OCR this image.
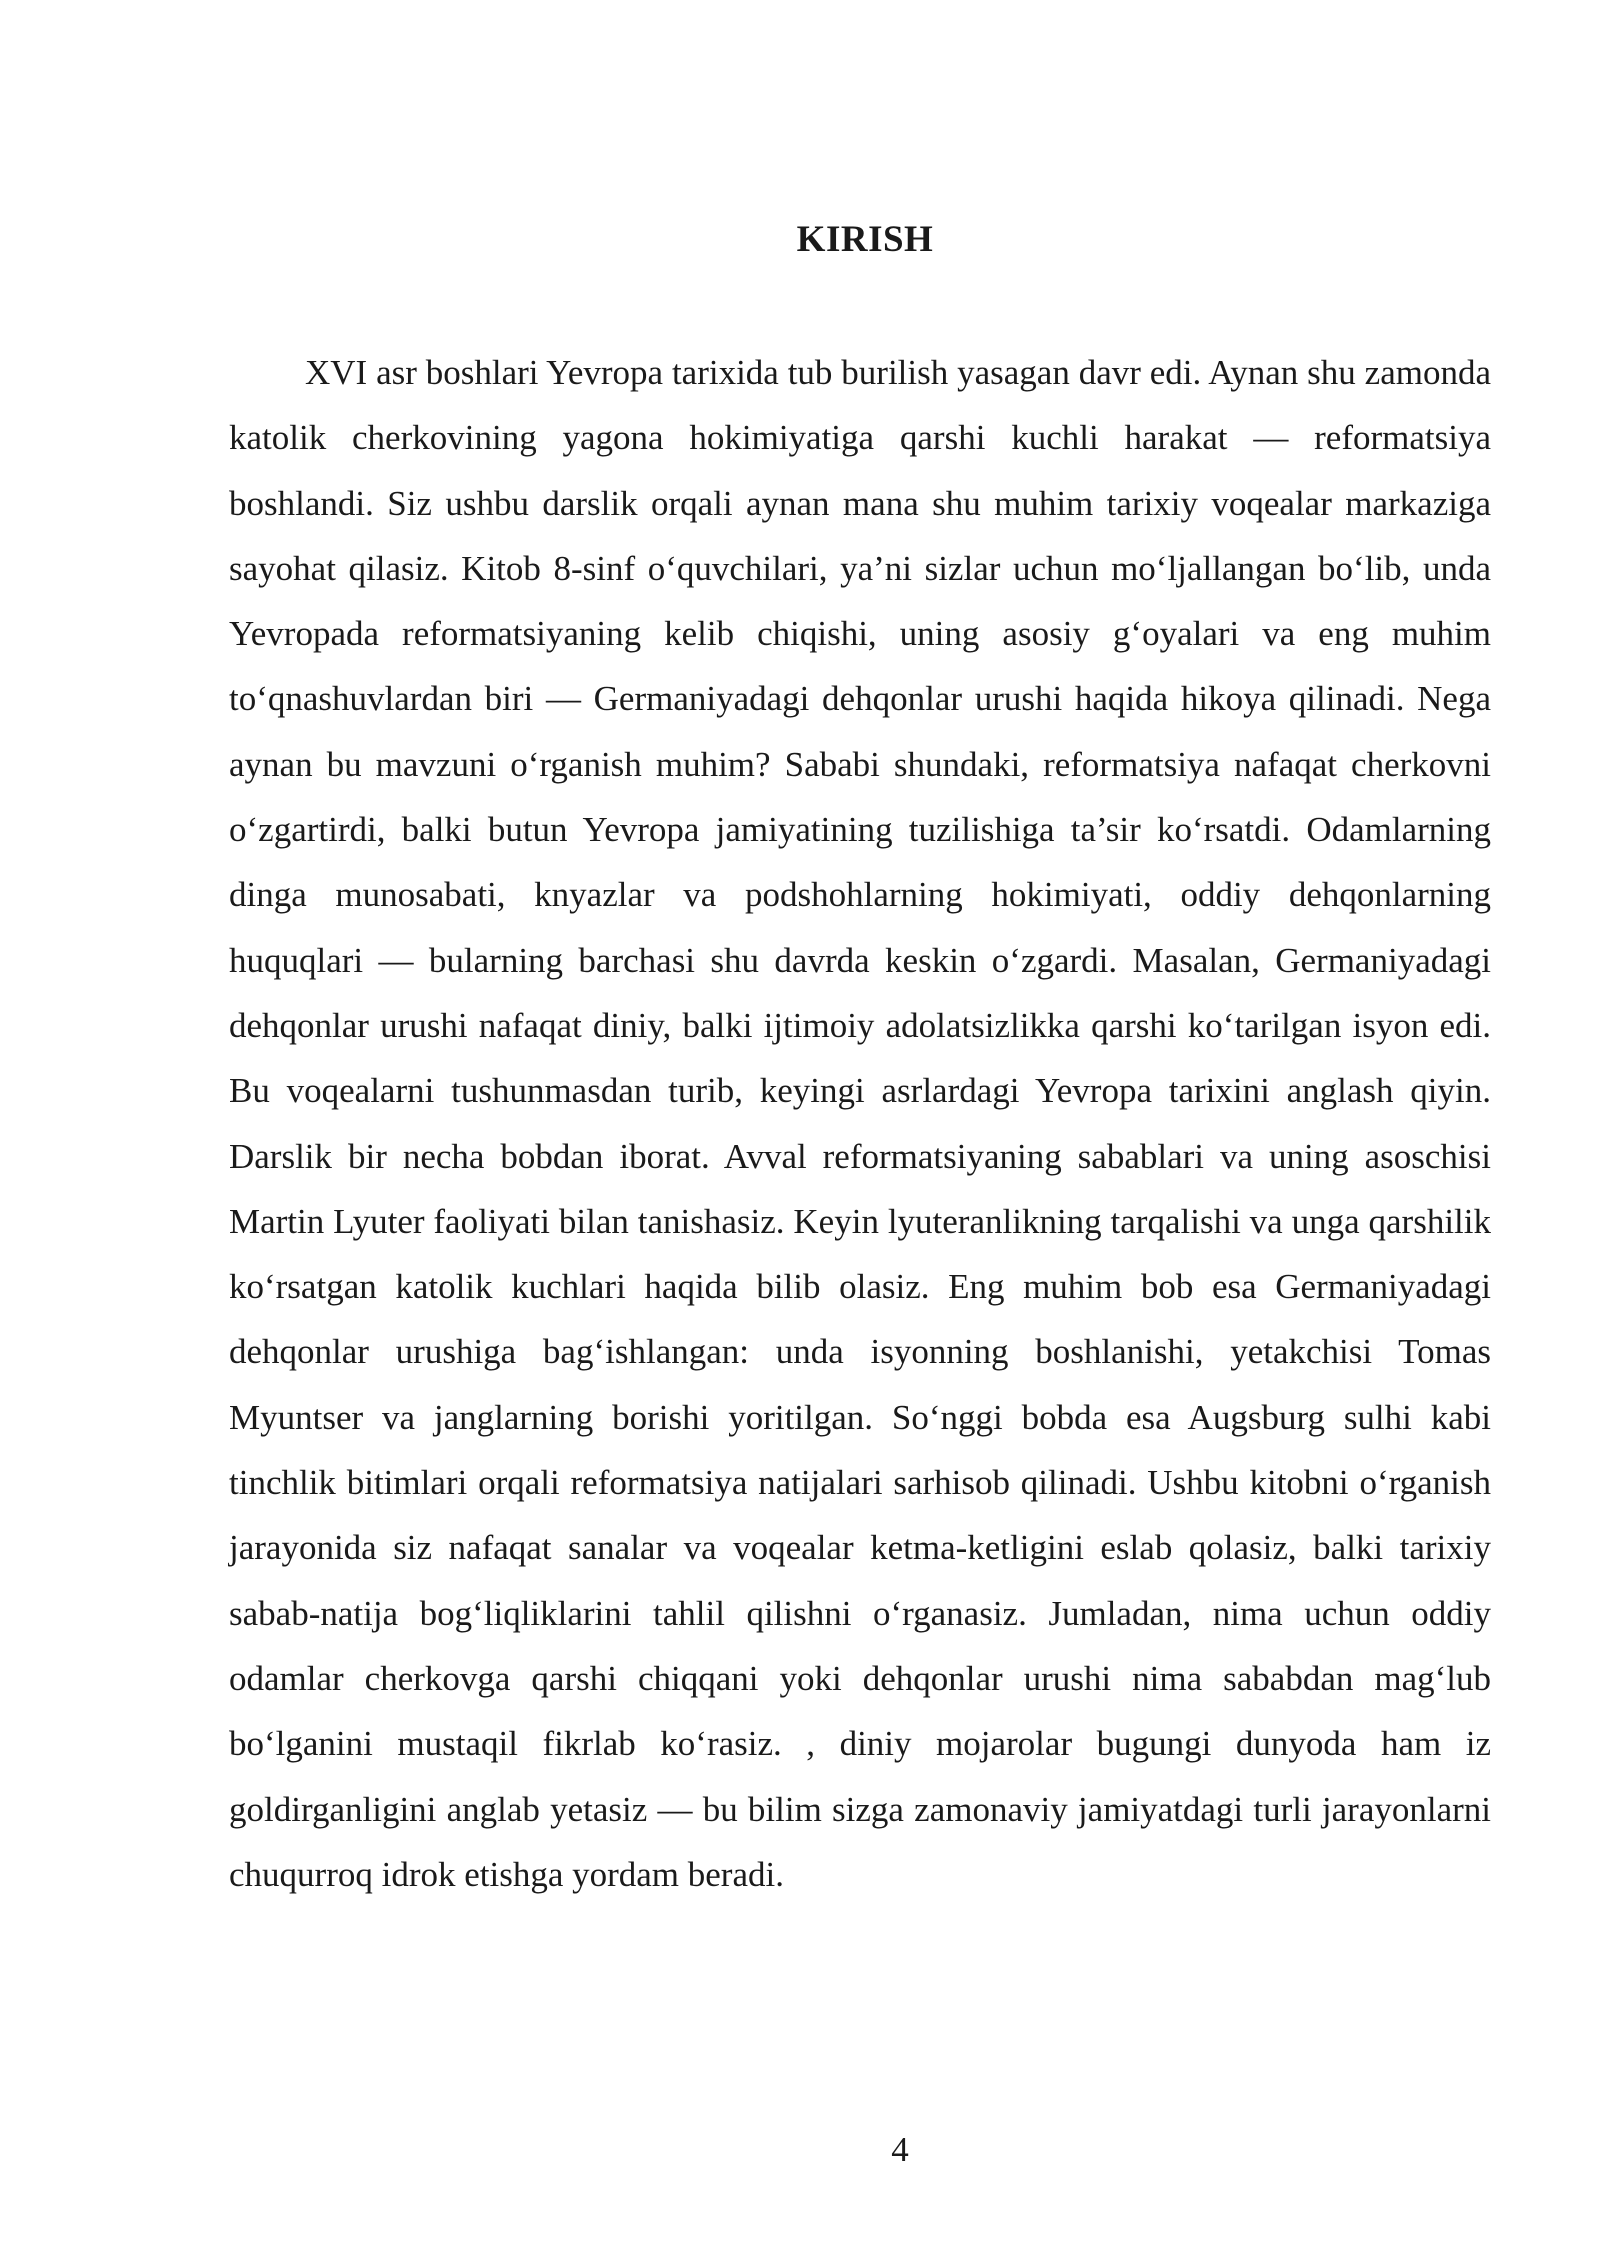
KIRISH

XVI asr boshlari Yevropa tarixida tub burilish yasagan davr edi. Aynan shu zamonda katolik cherkovining yagona hokimiyatiga qarshi kuchli harakat — reformatsiya boshlandi. Siz ushbu darslik orqali aynan mana shu muhim tarixiy voqealar markaziga sayohat qilasiz. Kitob 8-sinf o‘quvchilari, ya’ni sizlar uchun mo‘ljallangan bo‘lib, unda Yevropada reformatsiyaning kelib chiqishi, uning asosiy g‘oyalari va eng muhim to‘qnashuvlardan biri — Germaniyadagi dehqonlar urushi haqida hikoya qilinadi. Nega aynan bu mavzuni o‘rganish muhim? Sababi shundaki, reformatsiya nafaqat cherkovni o‘zgartirdi, balki butun Yevropa jamiyatining tuzilishiga ta’sir ko‘rsatdi. Odamlarning dinga munosabati, knyazlar va podshohlarning hokimiyati, oddiy dehqonlarning huquqlari — bularning barchasi shu davrda keskin o‘zgardi. Masalan, Germaniyadagi dehqonlar urushi nafaqat diniy, balki ijtimoiy adolatsizlikka qarshi ko‘tarilgan isyon edi. Bu voqealarni tushunmasdan turib, keyingi asrlardagi Yevropa tarixini anglash qiyin. Darslik bir necha bobdan iborat. Avval reformatsiyaning sabablari va uning asoschisi Martin Lyuter faoliyati bilan tanishasiz. Keyin lyuteranlikning tarqalishi va unga qarshilik ko‘rsatgan katolik kuchlari haqida bilib olasiz. Eng muhim bob esa Germaniyadagi dehqonlar urushiga bag‘ishlangan: unda isyonning boshlanishi, yetakchisi Tomas Myuntser va janglarning borishi yoritilgan. So‘nggi bobda esa Augsburg sulhi kabi tinchlik bitimlari orqali reformatsiya natijalari sarhisob qilinadi. Ushbu kitobni o‘rganish jarayonida siz nafaqat sanalar va voqealar ketma-ketligini eslab qolasiz, balki tarixiy sabab-natija bog‘liqliklarini tahlil qilishni o‘rganasiz. Jumladan, nima uchun oddiy odamlar cherkovga qarshi chiqqani yoki dehqonlar urushi nima sababdan mag‘lub bo‘lganini mustaqil fikrlab ko‘rasiz. , diniy mojarolar bugungi dunyoda ham iz goldirganligini anglab yetasiz — bu bilim sizga zamonaviy jamiyatdagi turli jarayonlarni chuqurroq idrok etishga yordam beradi.

4
